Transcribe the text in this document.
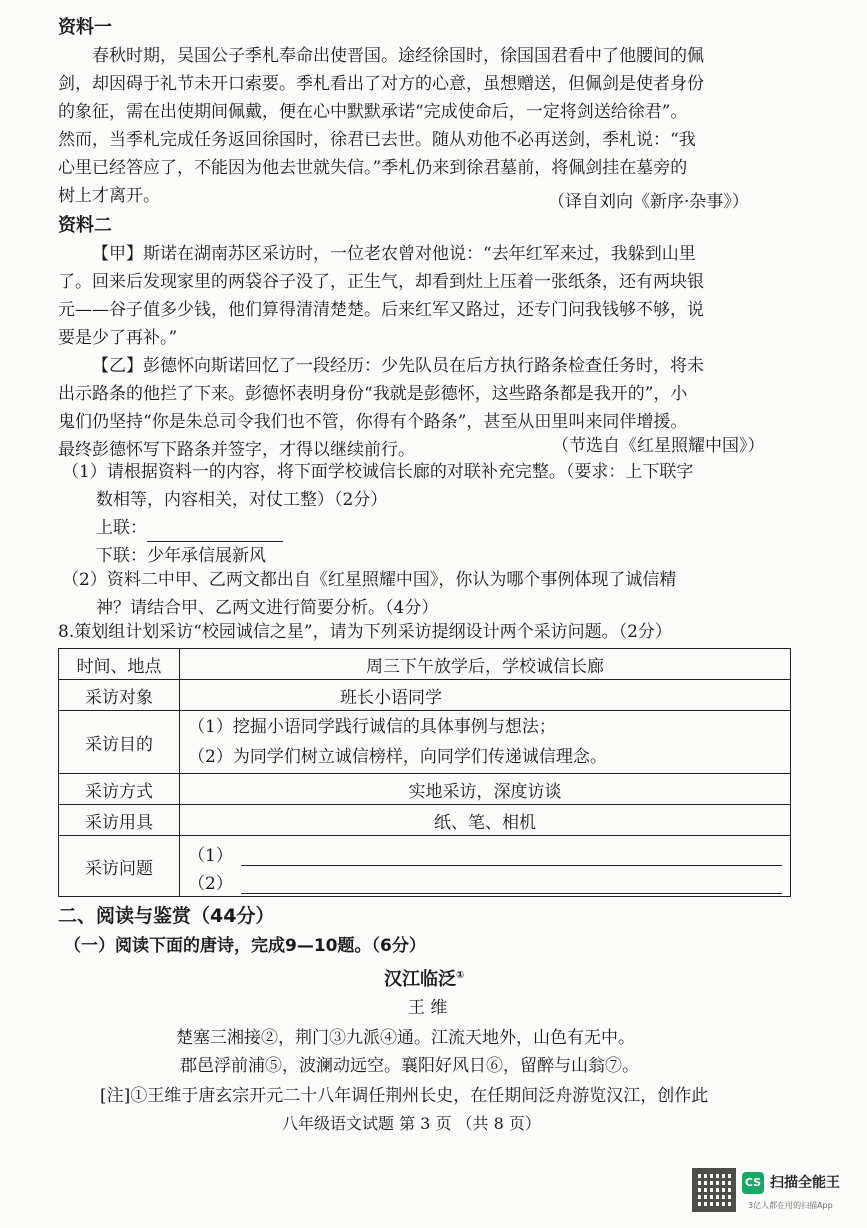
资料一
春秋时期，吴国公子季札奉命出使晋国。途经徐国时，徐国国君看中了他腰间的佩
剑，却因碍于礼节未开口索要。季札看出了对方的心意，虽想赠送，但佩剑是使者身份
的象征，需在出使期间佩戴，便在心中默默承诺“完成使命后，一定将剑送给徐君”。
然而，当季札完成任务返回徐国时，徐君已去世。随从劝他不必再送剑，季札说：“我
心里已经答应了，不能因为他去世就失信。”季札仍来到徐君墓前，将佩剑挂在墓旁的
树上才离开。	（译自刘向《新序·杂事》）
资料二
【甲】斯诺在湖南苏区采访时，一位老农曾对他说：“去年红军来过，我躲到山里
了。回来后发现家里的两袋谷子没了，正生气，却看到灶上压着一张纸条，还有两块银
元——谷子值多少钱，他们算得清清楚楚。后来红军又路过，还专门问我钱够不够，说
要是少了再补。”
【乙】彭德怀向斯诺回忆了一段经历：少先队员在后方执行路条检查任务时，将未
出示路条的他拦了下来。彭德怀表明身份“我就是彭德怀，这些路条都是我开的”，小
鬼们仍坚持“你是朱总司令我们也不管，你得有个路条”，甚至从田里叫来同伴增援。
最终彭德怀写下路条并签字，才得以继续前行。	（节选自《红星照耀中国》）
（1）请根据资料一的内容，将下面学校诚信长廊的对联补充完整。（要求：上下联字
数相等，内容相关，对仗工整）（2分）
上联：
下联：少年承信展新风
（2）资料二中甲、乙两文都出自《红星照耀中国》，你认为哪个事例体现了诚信精
神？请结合甲、乙两文进行简要分析。（4分）
8.策划组计划采访“校园诚信之星”，请为下列采访提纲设计两个采访问题。（2分）
时间、地点	周三下午放学后，学校诚信长廊
采访对象	班长小语同学
采访目的	（1）挖掘小语同学践行诚信的具体事例与想法；
（2）为同学们树立诚信榜样，向同学们传递诚信理念。

采访方式	实地采访，深度访谈
采访用具	纸、笔、相机
采访问题	（1）
（2）
二、阅读与鉴赏（44分）
（一）阅读下面的唐诗，完成9—10题。（6分）
汉江临泛①
王 维
楚塞三湘接②，荆门③九派④通。江流天地外，山色有无中。
郡邑浮前浦⑤，波澜动远空。襄阳好风日⑥，留醉与山翁⑦。
[注]①王维于唐玄宗开元二十八年调任荆州长史，在任期间泛舟游览汉江，创作此
八年级语文试题 第 3 页 （共 8 页）
CS 扫描全能王
3亿人都在用的扫描App
